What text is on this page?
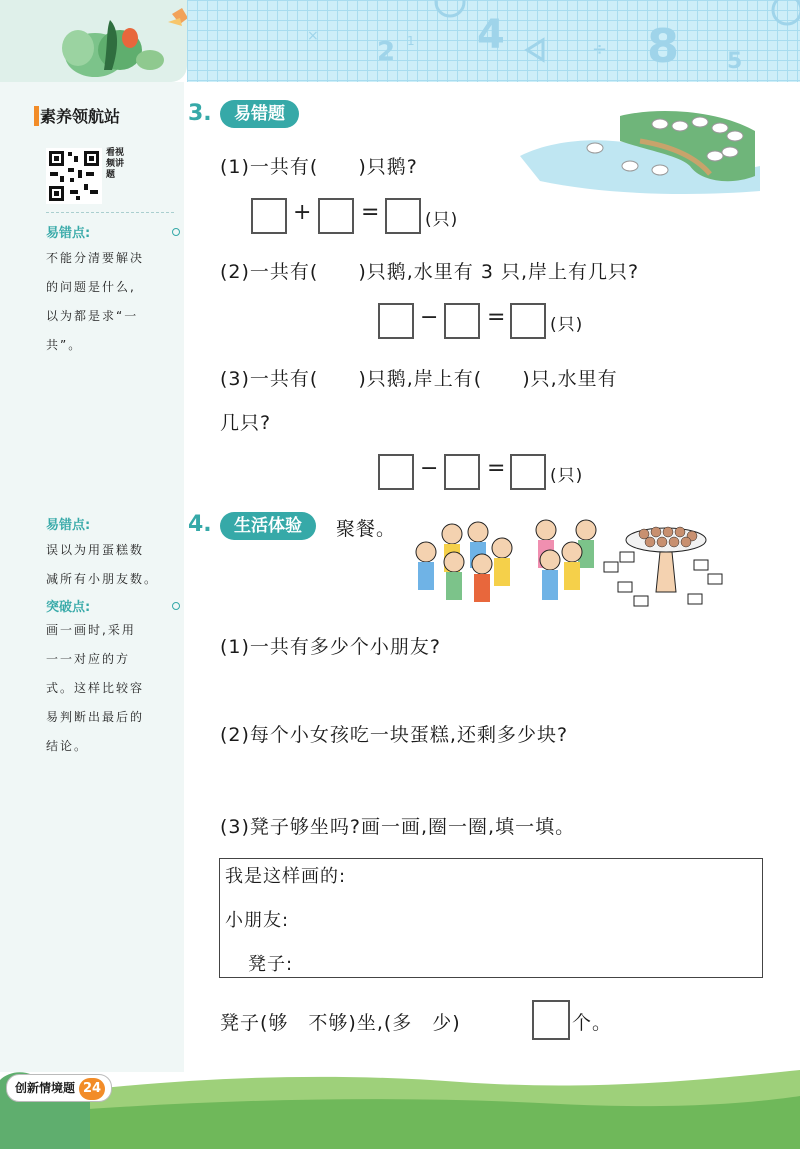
2
×	1 4	÷ 8 5
素养领航站
看视频讲题
易错点:
不能分清要解决
的问题是什么,
以为都是求“一
共”。
易错点:
误以为用蛋糕数
减所有小朋友数。
突破点:
画一画时,采用
一一对应的方
式。这样比较容
易判断出最后的
结论。
3.	易错题
(1)一共有(　　)只鹅?
+ =	(只)
(2)一共有(　　)只鹅,水里有 3 只,岸上有几只?
− =	(只)
(3)一共有(　　)只鹅,岸上有(　　)只,水里有
几只?
− =	(只)
4.	生活体验	聚餐。
(1)一共有多少个小朋友?
(2)每个小女孩吃一块蛋糕,还剩多少块?
(3)凳子够坐吗?画一画,圈一圈,填一填。
我是这样画的:
小朋友:
凳子:
凳子(够　不够)坐,(多　少)	个。
创新情境题 24
